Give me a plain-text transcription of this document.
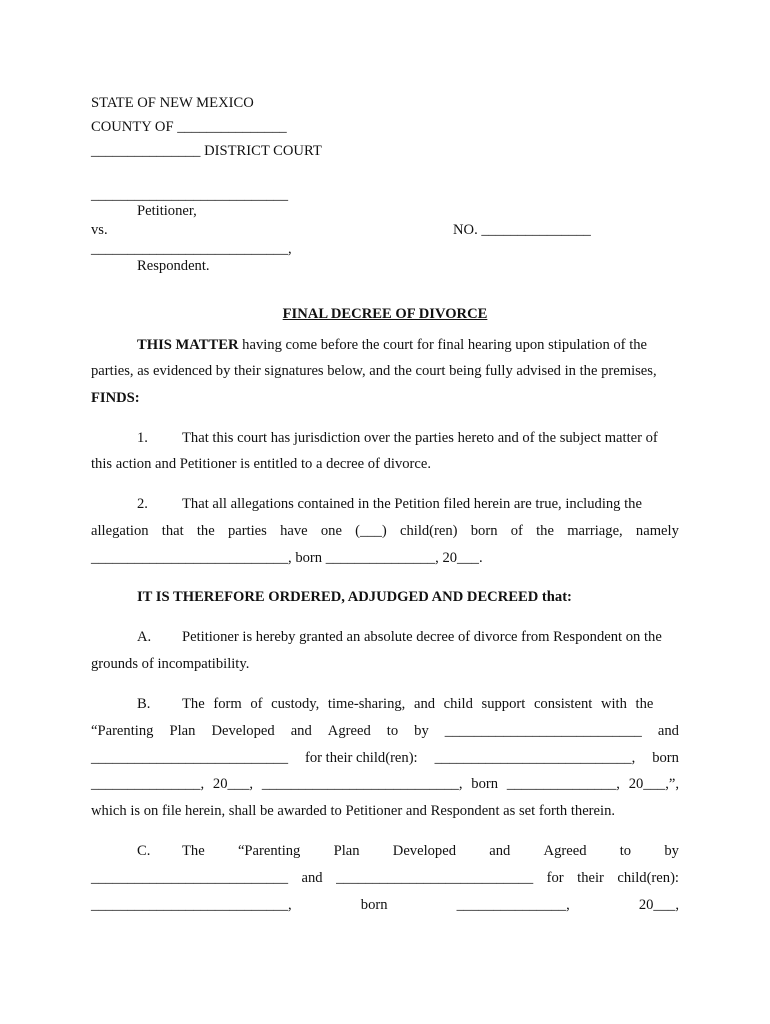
STATE OF NEW MEXICO
COUNTY OF _______________
_______________ DISTRICT COURT
___________________________
Petitioner,
vs.	NO. _______________
___________________________,
Respondent.
FINAL DECREE OF DIVORCE
THIS MATTER having come before the court for final hearing upon stipulation of the
parties, as evidenced by their signatures below, and the court being fully advised in the premises,
FINDS:
1. That this court has jurisdiction over the parties hereto and of the subject matter of
this action and Petitioner is entitled to a decree of divorce.
2. That all allegations contained in the Petition filed herein are true, including the
allegation that the parties have one (___) child(ren) born of the marriage, namely
___________________________, born _______________, 20___.
IT IS THEREFORE ORDERED, ADJUDGED AND DECREED that:
A. Petitioner is hereby granted an absolute decree of divorce from Respondent on the
grounds of incompatibility.
B. The form of custody, time-sharing, and child support consistent with the
“Parenting Plan Developed and Agreed to by ___________________________ and
___________________________ for their child(ren): ___________________________, born
_______________, 20___, ___________________________, born _______________, 20___,”,
which is on file herein, shall be awarded to Petitioner and Respondent as set forth therein.
C. The “Parenting Plan Developed and Agreed to by
___________________________ and ___________________________ for their child(ren):
___________________________,	born	_______________,	20___,
